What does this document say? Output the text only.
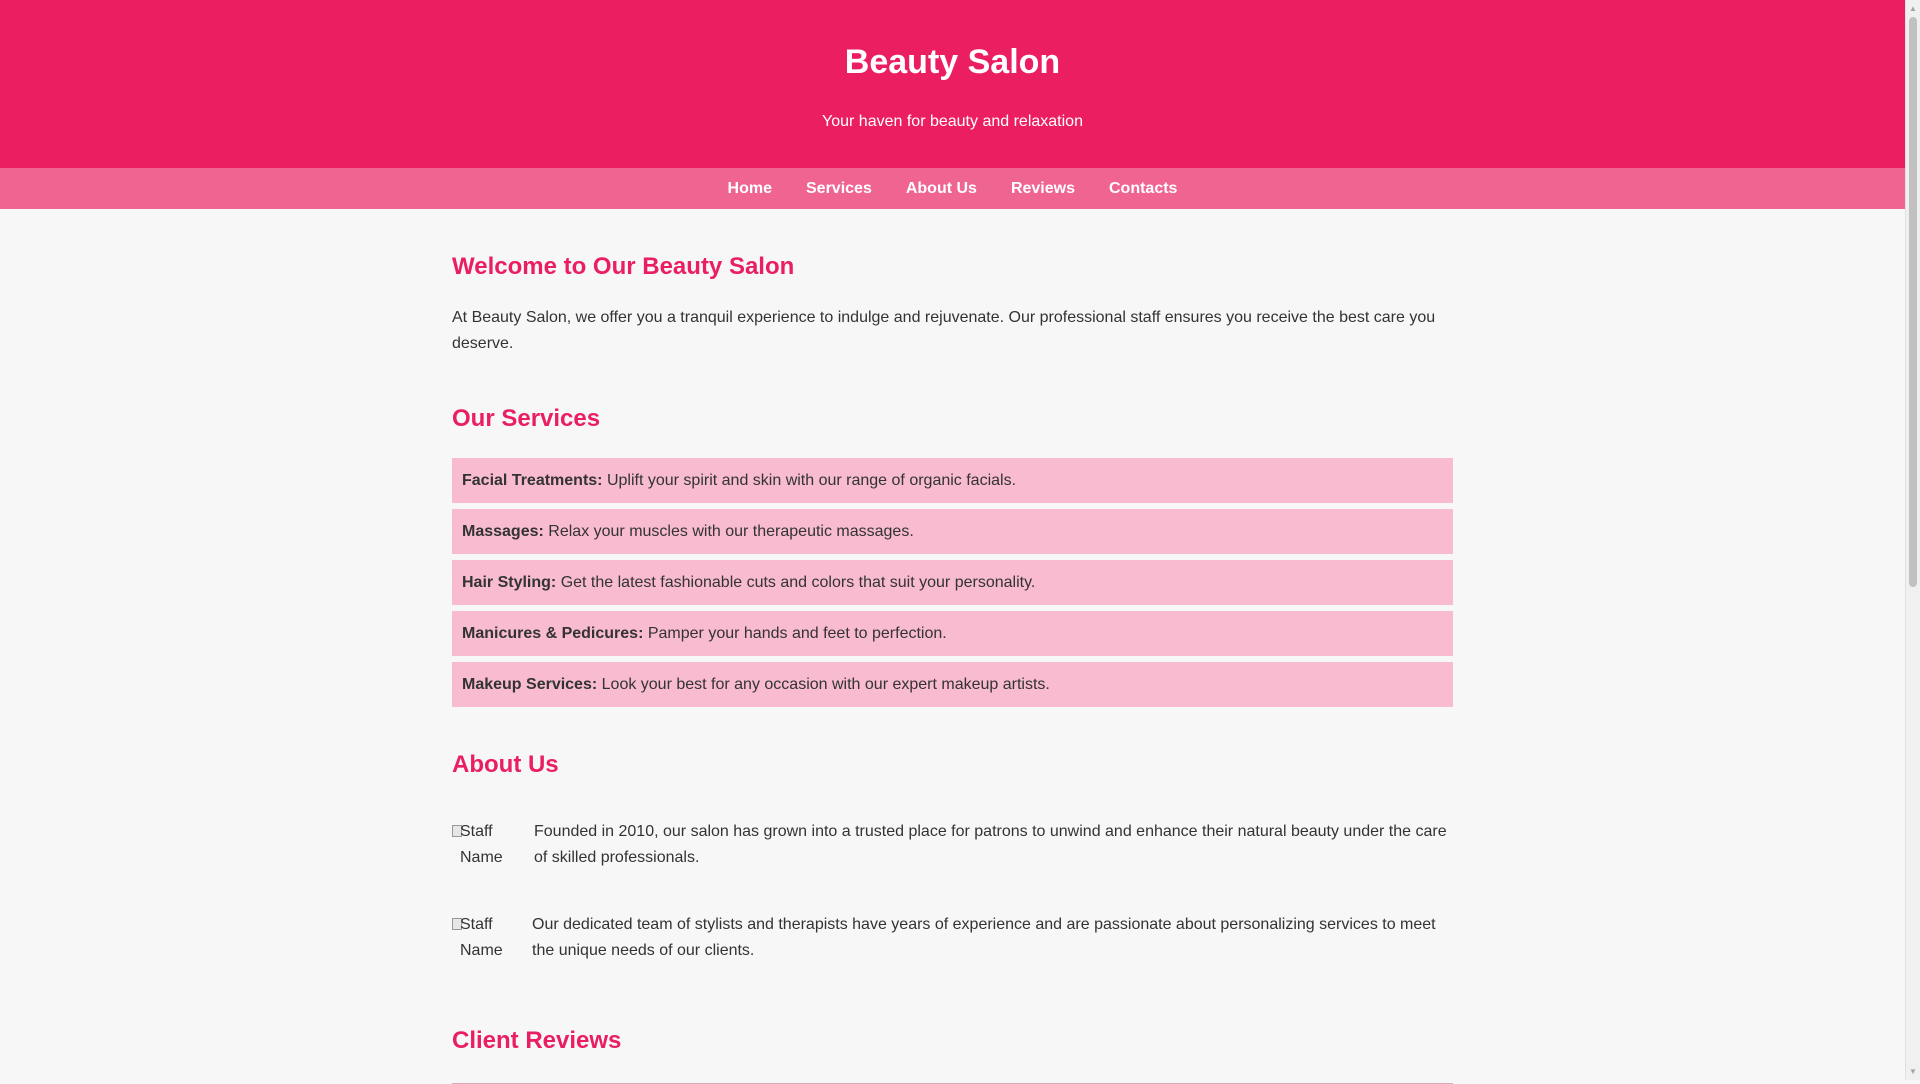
Beauty Salon

Your haven for beauty and relaxation

Home Services About Us Reviews Contacts
Welcome to Our Beauty Salon

At Beauty Salon, we offer you a tranquil experience to indulge and rejuvenate. Our professional staff ensures you receive the best care you deserve.

Our Services
Facial Treatments: Uplift your spirit and skin with our range of organic facials.
Massages: Relax your muscles with our therapeutic massages.
Hair Styling: Get the latest fashionable cuts and colors that suit your personality.
Manicures & Pedicures: Pamper your hands and feet to perfection.
Makeup Services: Look your best for any occasion with our expert makeup artists.
About Us
Staff Name

Founded in 2010, our salon has grown into a trusted place for patrons to unwind and enhance their natural beauty under the care of skilled professionals.

Staff Name

Our dedicated team of stylists and therapists have years of experience and are passionate about personalizing services to meet the unique needs of our clients.

Client Reviews
▲
▼
